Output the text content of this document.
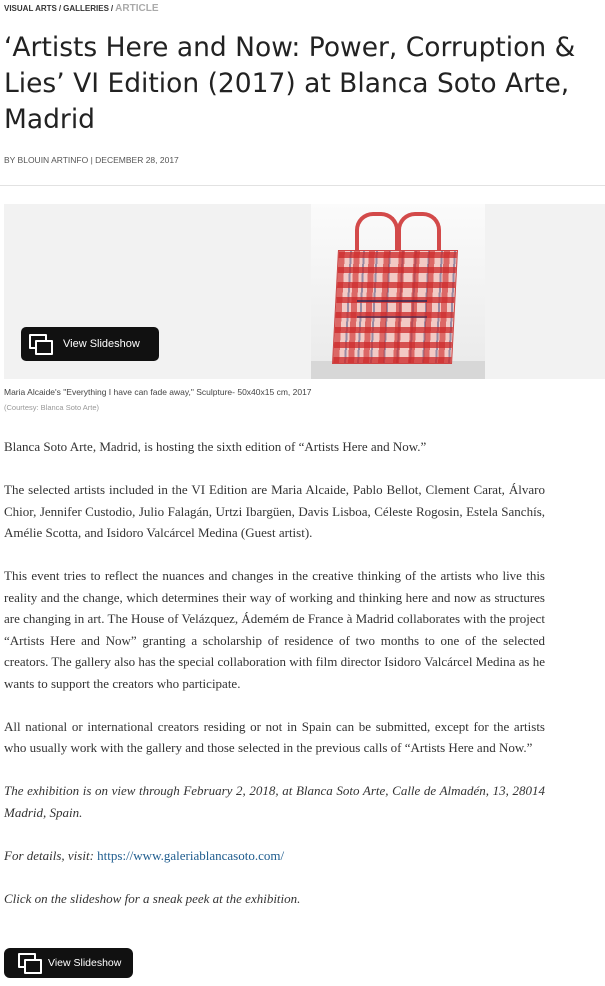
VISUAL ARTS / GALLERIES / ARTICLE
‘Artists Here and Now: Power, Corruption & Lies’ VI Edition (2017) at Blanca Soto Arte, Madrid
BY BLOUIN ARTINFO | DECEMBER 28, 2017
View Slideshow
Maria Alcaide's "Everything I have can fade away," Sculpture- 50x40x15 cm, 2017
(Courtesy: Blanca Soto Arte)

Blanca Soto Arte, Madrid, is hosting the sixth edition of “Artists Here and Now.”

The selected artists included in the VI Edition are Maria Alcaide, Pablo Bellot, Clement Carat, Álvaro Chior, Jennifer Custodio, Julio Falagán, Urtzi Ibargüen, Davis Lisboa, Céleste Rogosin, Estela Sanchís, Amélie Scotta, and Isidoro Valcárcel Medina (Guest artist).

This event tries to reflect the nuances and changes in the creative thinking of the artists who live this reality and the change, which determines their way of working and thinking here and now as structures are changing in art. The House of Velázquez, Ádemém de France à Madrid collaborates with the project “Artists Here and Now” granting a scholarship of residence of two months to one of the selected creators. The gallery also has the special collaboration with film director Isidoro Valcárcel Medina as he wants to support the creators who participate.

All national or international creators residing or not in Spain can be submitted, except for the artists who usually work with the gallery and those selected in the previous calls of “Artists Here and Now.”

The exhibition is on view through February 2, 2018, at Blanca Soto Arte, Calle de Almadén, 13, 28014 Madrid, Spain.

For details, visit: https://www.galeriablancasoto.com/

Click on the slideshow for a sneak peek at the exhibition.

View Slideshow
